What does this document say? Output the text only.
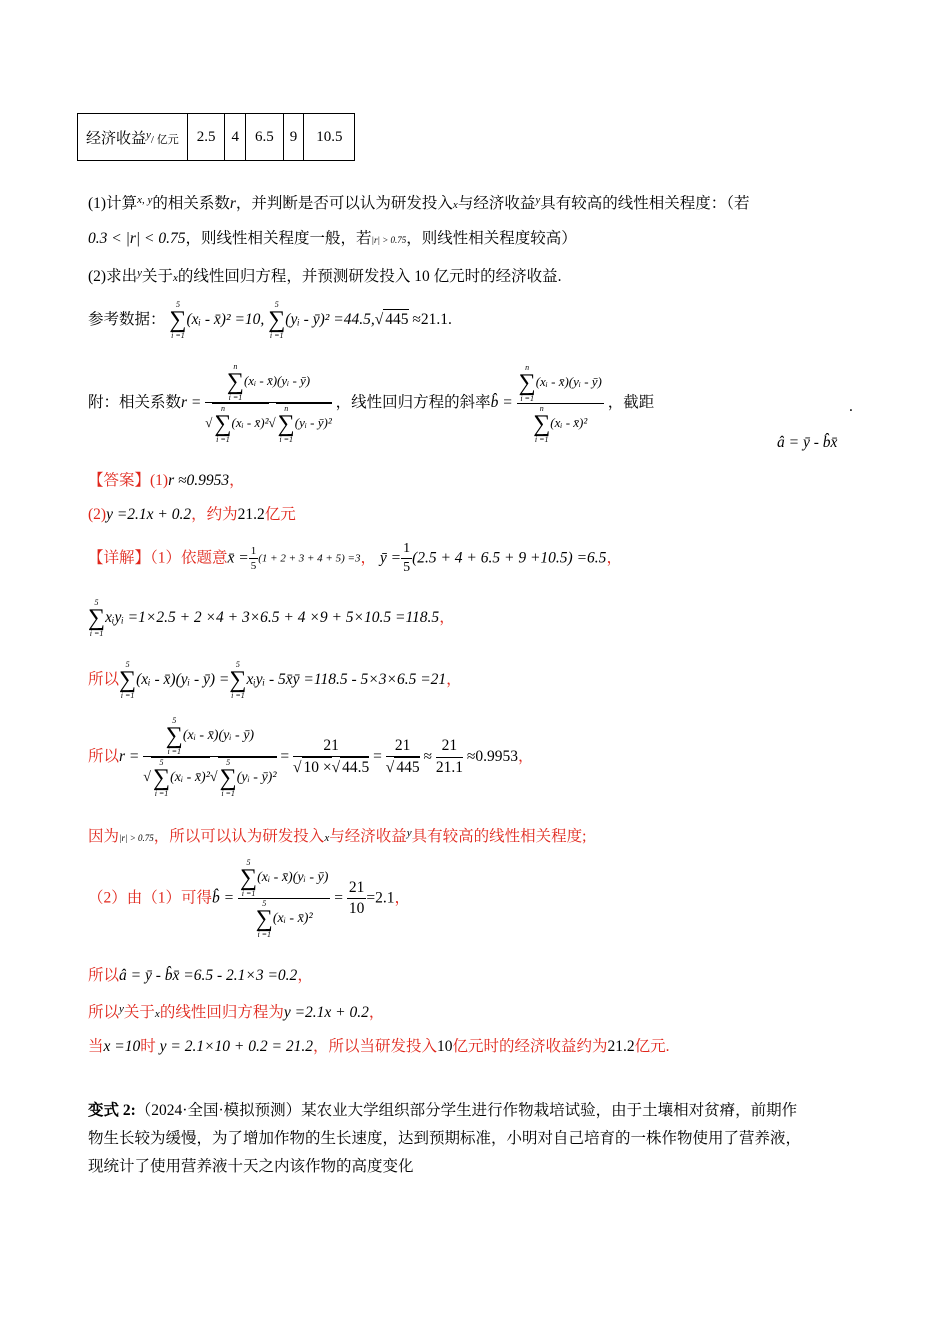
经济收益$^y$/ 亿元	2.5	4	6.5	9	10.5
(1)计算$^{x, y}$的相关系数r，并判断是否可以认为研发投入x与经济收益$^y$具有较高的线性相关程度：（若
0.3 < |r| < 0.75，则线性相关程度一般，若|r| > 0.75，则线性相关程度较高）
(2)求出$^y$关于x的线性回归方程，并预测研发投入 10 亿元时的经济收益.
参考数据：
5
∑
i =1
(xᵢ - x̄)² =10,
5
∑
i =1
(yᵢ - ȳ)² =44.5,√ 445 ≈21.1.
附：相关系数r = n
∑
i =1
(xᵢ - x̄)(yᵢ - ȳ)
√
n
∑
i =1
(xᵢ - x̄)²√
n
∑
i =1
(yᵢ - ȳ)² ，线性回归方程的斜率b̂ = n
∑
i =1
(xᵢ - x̄)(yᵢ - ȳ)
n
∑
i =1
(xᵢ - x̄)² ，截距	.
â = ȳ - b̂x̄
【答案】(1)r ≈0.9953，
(2)y =2.1x + 0.2，约为21.2亿元
【详解】（1）依题意x̄ = $\frac{1}{5} (1 + 2 + 3 + 4 + 5) =3$， ȳ = $\frac{1}{5} (2.5 + 4 + 6.5 + 9 +10.5) =6.5$，
5
∑
i =1
xᵢyᵢ =1×2.5 + 2 ×4 + 3×6.5 + 4 ×9 + 5×10.5 =118.5，
所以
5
∑
i =1
(xᵢ - x̄)(yᵢ - ȳ) =
5
∑
i =1
xᵢyᵢ - 5x̄ȳ =118.5 - 5×3×6.5 =21，
所以r = 5
∑
i =1
(xᵢ - x̄)(yᵢ - ȳ)
√
5
∑
i =1
(xᵢ - x̄)²√
5
∑
i =1
(yᵢ - ȳ)² = $\frac{21}{√ 10 \times√ 44.5} = \frac{21}{√ 445} \approx \frac{21}{21.1} \approx 0.9953$，
因为|r| > 0.75，所以可以认为研发投入x与经济收益$^y$具有较高的线性相关程度;
（2）由（1）可得b̂ = 5
∑
i =1
(xᵢ - x̄)(yᵢ - ȳ)
5
∑
i =1
(xᵢ - x̄)² = $\frac{21}{10} =2.1$，
所以â = ȳ - b̂x̄ =6.5 - 2.1×3 =0.2，
所以$^y$关于x的线性回归方程为y =2.1x + 0.2，
当x =10时 y = 2.1×10 + 0.2 = 21.2，所以当研发投入10亿元时的经济收益约为21.2亿元.
变式 2:（2024·全国·模拟预测）某农业大学组织部分学生进行作物栽培试验，由于土壤相对贫瘠，前期作
物生长较为缓慢，为了增加作物的生长速度，达到预期标准，小明对自己培育的一株作物使用了营养液，
现统计了使用营养液十天之内该作物的高度变化
